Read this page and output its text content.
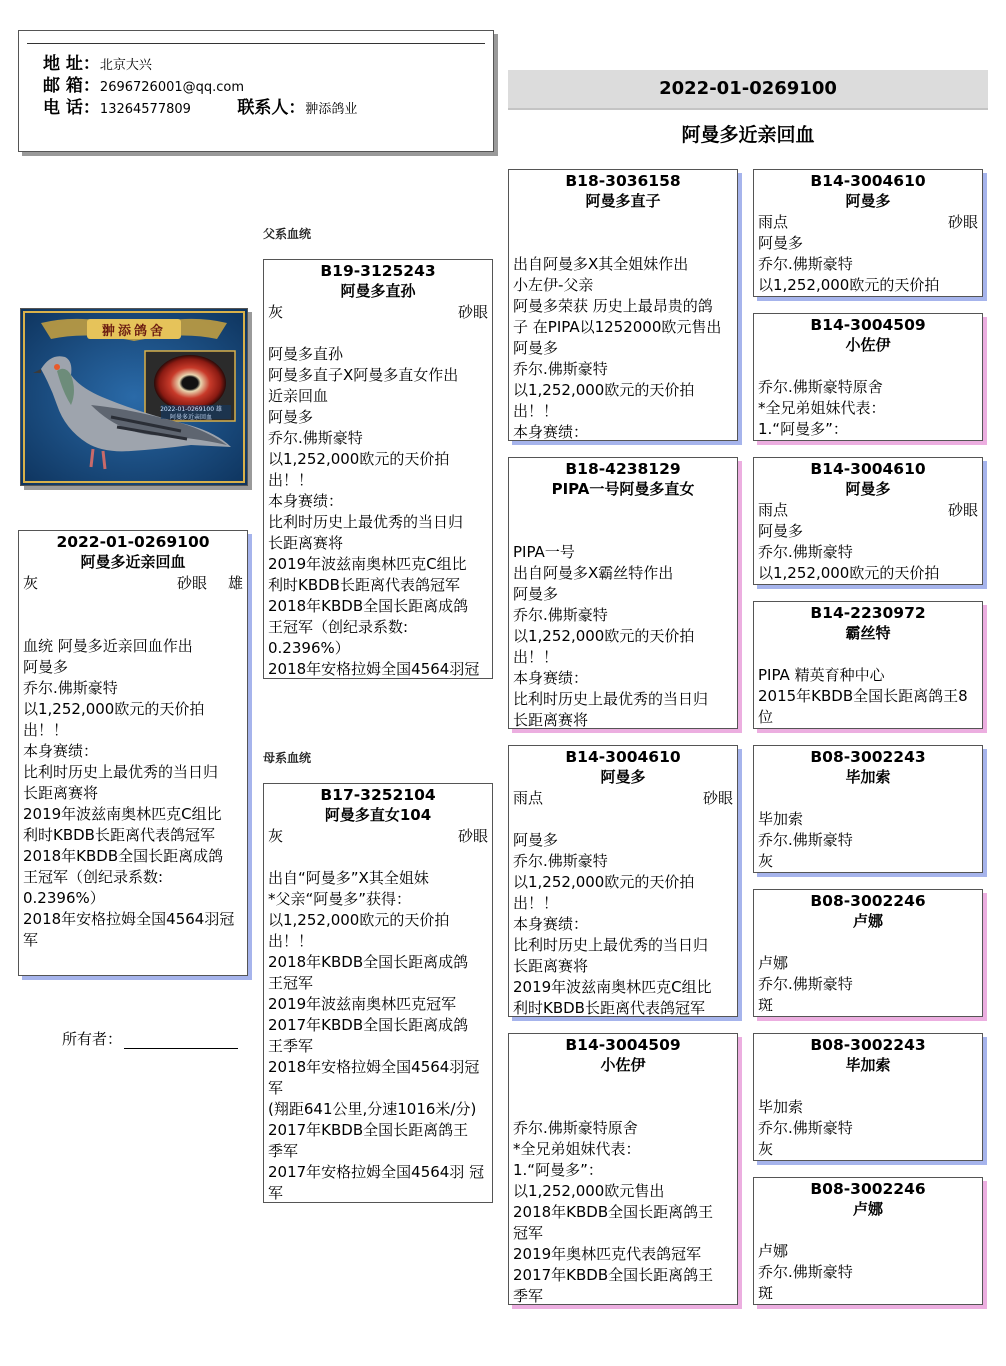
地 址：北京大兴
邮 箱：2696726001@qq.com
电 话：13264577809	联系人：翀添鸽业
2022-01-0269100
阿曼多近亲回血
父系血统
母系血统
翀添鸽舍
2022-01-0269100 雄
阿曼多近亲回血
2022-01-0269100
阿曼多近亲回血
灰	砂眼 雄
血统 阿曼多近亲回血作出
阿曼多
乔尔.佛斯豪特
以1,252,000欧元的天价拍
出！！
本身赛绩：
比利时历史上最优秀的当日归
长距离赛将
2019年波兹南奥林匹克C组比
利时KBDB长距离代表鸽冠军
2018年KBDB全国长距离成鸽
王冠军（创纪录系数:
0.2396%）
2018年安格拉姆全国4564羽冠
军
所有者：
B19-3125243
阿曼多直孙
灰	砂眼
阿曼多直孙
阿曼多直子X阿曼多直女作出
近亲回血
阿曼多
乔尔.佛斯豪特
以1,252,000欧元的天价拍
出！！
本身赛绩：
比利时历史上最优秀的当日归
长距离赛将
2019年波兹南奥林匹克C组比
利时KBDB长距离代表鸽冠军
2018年KBDB全国长距离成鸽
王冠军（创纪录系数:
0.2396%）
2018年安格拉姆全国4564羽冠
B17-3252104
阿曼多直女104
灰	砂眼
出自“阿曼多”X其全姐妹
*父亲“阿曼多”获得：
以1,252,000欧元的天价拍
出！！
2018年KBDB全国长距离成鸽
王冠军
2019年波兹南奥林匹克冠军
2017年KBDB全国长距离成鸽
王季军
2018年安格拉姆全国4564羽冠
军
(翔距641公里,分速1016米/分)
2017年KBDB全国长距离鸽王
季军
2017年安格拉姆全国4564羽 冠
军
B18-3036158
阿曼多直子
出自阿曼多X其全姐妹作出
小左伊-父亲
阿曼多荣获 历史上最昂贵的鸽
子 在PIPA以1252000欧元售出
阿曼多
乔尔.佛斯豪特
以1,252,000欧元的天价拍
出！！
本身赛绩：
B18-4238129
PIPA一号阿曼多直女
PIPA一号
出自阿曼多X霸丝特作出
阿曼多
乔尔.佛斯豪特
以1,252,000欧元的天价拍
出！！
本身赛绩：
比利时历史上最优秀的当日归
长距离赛将
B14-3004610
阿曼多
雨点	砂眼
阿曼多
乔尔.佛斯豪特
以1,252,000欧元的天价拍
出！！
本身赛绩：
比利时历史上最优秀的当日归
长距离赛将
2019年波兹南奥林匹克C组比
利时KBDB长距离代表鸽冠军
B14-3004509
小佐伊
乔尔.佛斯豪特原舍
*全兄弟姐妹代表：
1.“阿曼多”：
以1,252,000欧元售出
2018年KBDB全国长距离鸽王
冠军
2019年奥林匹克代表鸽冠军
2017年KBDB全国长距离鸽王
季军
B14-3004610
阿曼多
雨点	砂眼
阿曼多
乔尔.佛斯豪特
以1,252,000欧元的天价拍
B14-3004509
小佐伊
乔尔.佛斯豪特原舍
*全兄弟姐妹代表：
1.“阿曼多”：
B14-3004610
阿曼多
雨点	砂眼
阿曼多
乔尔.佛斯豪特
以1,252,000欧元的天价拍
B14-2230972
霸丝特
PIPA 精英育种中心
2015年KBDB全国长距离鸽王8
位
B08-3002243
毕加索
毕加索
乔尔.佛斯豪特
灰
B08-3002246
卢娜
卢娜
乔尔.佛斯豪特
斑
B08-3002243
毕加索
毕加索
乔尔.佛斯豪特
灰
B08-3002246
卢娜
卢娜
乔尔.佛斯豪特
斑
